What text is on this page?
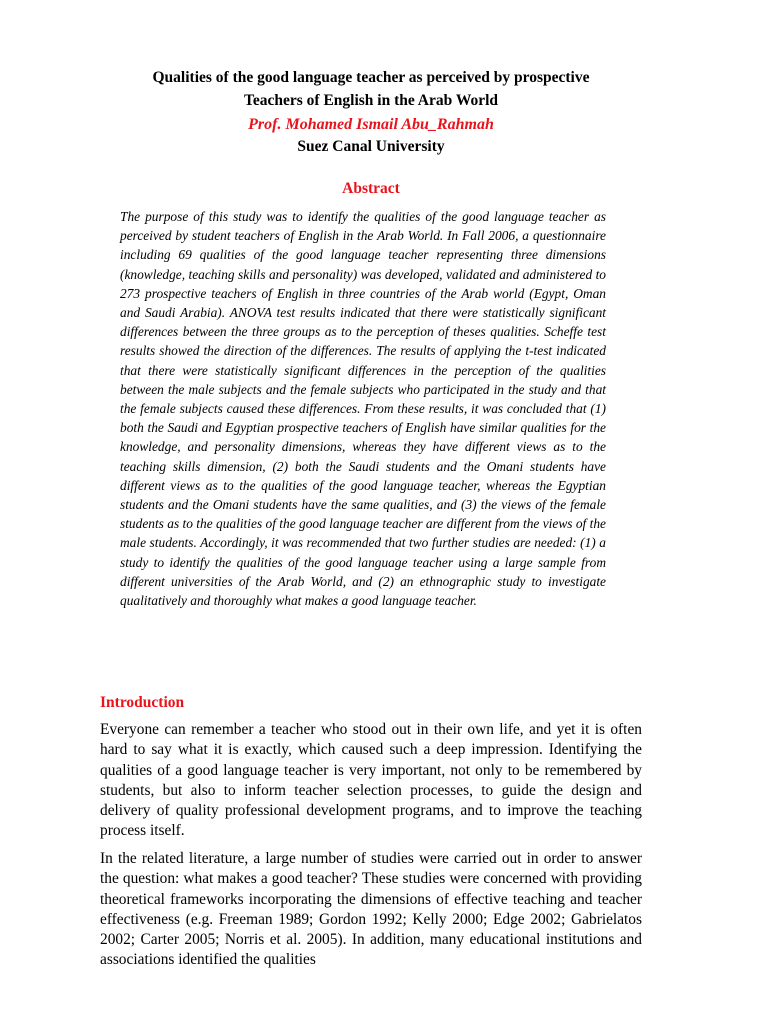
Qualities of the good language teacher as perceived by prospective
Teachers of English in the Arab World
Prof. Mohamed Ismail Abu_Rahmah
Suez Canal University
Abstract

The purpose of this study was to identify the qualities of the good language teacher as perceived by student teachers of English in the Arab World. In Fall 2006, a questionnaire including 69 qualities of the good language teacher representing three dimensions (knowledge, teaching skills and personality) was developed, validated and administered to 273 prospective teachers of English in three countries of the Arab world (Egypt, Oman and Saudi Arabia). ANOVA test results indicated that there were statistically significant differences between the three groups as to the perception of theses qualities. Scheffe test results showed the direction of the differences. The results of applying the t-test indicated that there were statistically significant differences in the perception of the qualities between the male subjects and the female subjects who participated in the study and that the female subjects caused these differences. From these results, it was concluded that (1) both the Saudi and Egyptian prospective teachers of English have similar qualities for the knowledge, and personality dimensions, whereas they have different views as to the teaching skills dimension, (2) both the Saudi students and the Omani students have different views as to the qualities of the good language teacher, whereas the Egyptian students and the Omani students have the same qualities, and (3) the views of the female students as to the qualities of the good language teacher are different from the views of the male students. Accordingly, it was recommended that two further studies are needed: (1) a study to identify the qualities of the good language teacher using a large sample from different universities of the Arab World, and (2) an ethnographic study to investigate qualitatively and thoroughly what makes a good language teacher.

Introduction

Everyone can remember a teacher who stood out in their own life, and yet it is often hard to say what it is exactly, which caused such a deep impression. Identifying the qualities of a good language teacher is very important, not only to be remembered by students, but also to inform teacher selection processes, to guide the design and delivery of quality professional development programs, and to improve the teaching process itself.

In the related literature, a large number of studies were carried out in order to answer the question: what makes a good teacher? These studies were concerned with providing theoretical frameworks incorporating the dimensions of effective teaching and teacher effectiveness (e.g. Freeman 1989; Gordon 1992; Kelly 2000; Edge 2002; Gabrielatos 2002; Carter 2005; Norris et al. 2005). In addition, many educational institutions and associations identified the qualities
